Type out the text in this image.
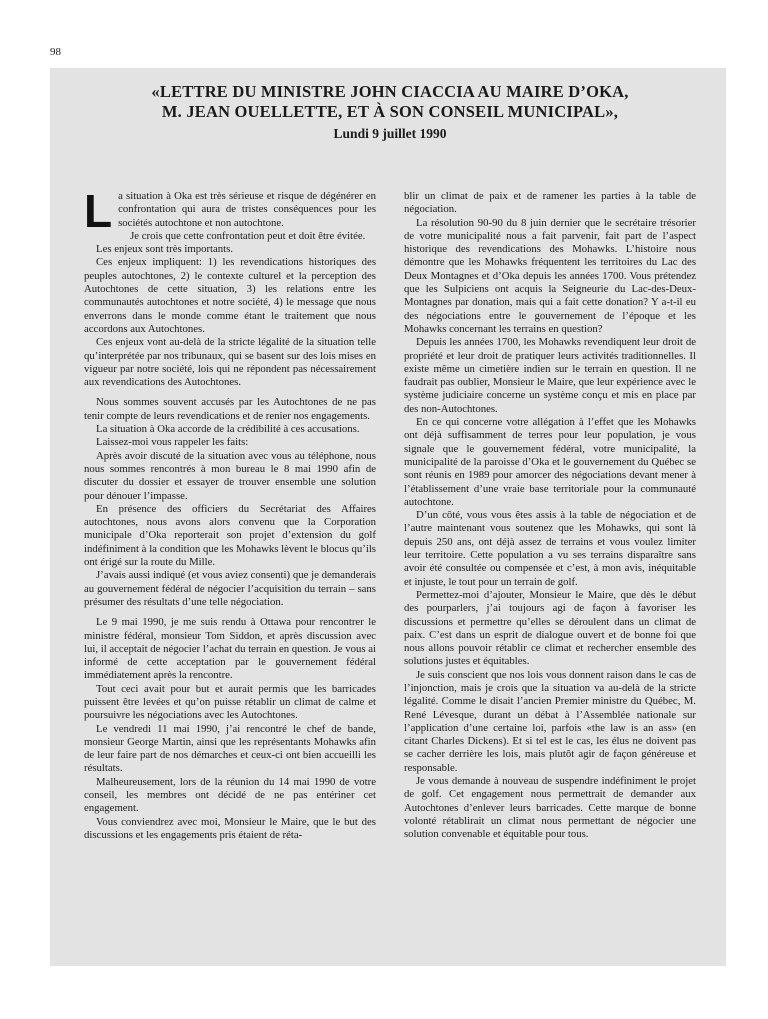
98

«LETTRE DU MINISTRE JOHN CIACCIA AU MAIRE D’OKA,

M. JEAN OUELLETTE, ET À SON CONSEIL MUNICIPAL»,

Lundi 9 juillet 1990

La situation à Oka est très sérieuse et risque de dégénérer en confrontation qui aura de tristes conséquences pour les sociétés autochtone et non autochtone.

Je crois que cette confrontation peut et doit être évitée.

Les enjeux sont très importants.

Ces enjeux impliquent: 1) les revendications historiques des peuples autochtones, 2) le contexte culturel et la perception des Autochtones de cette situation, 3) les relations entre les communautés autochtones et notre société, 4) le message que nous enverrons dans le monde comme étant le traitement que nous accordons aux Autochtones.

Ces enjeux vont au-delà de la stricte légalité de la situation telle qu’interprétée par nos tribunaux, qui se basent sur des lois mises en vigueur par notre société, lois qui ne répondent pas nécessairement aux revendications des Autochtones.

Nous sommes souvent accusés par les Autochtones de ne pas tenir compte de leurs revendications et de renier nos engagements.

La situation à Oka accorde de la crédibilité à ces accusations.

Laissez-moi vous rappeler les faits:

Après avoir discuté de la situation avec vous au téléphone, nous nous sommes rencontrés à mon bureau le 8 mai 1990 afin de discuter du dossier et essayer de trouver ensemble une solution pour dénouer l’impasse.

En présence des officiers du Secrétariat des Affaires autochtones, nous avons alors convenu que la Corporation municipale d’Oka reporterait son projet d’extension du golf indéfiniment à la condition que les Mohawks lèvent le blocus qu’ils ont érigé sur la route du Mille.

J’avais aussi indiqué (et vous aviez consenti) que je demanderais au gouvernement fédéral de négocier l’acquisition du terrain – sans présumer des résultats d’une telle négociation.

Le 9 mai 1990, je me suis rendu à Ottawa pour rencontrer le ministre fédéral, monsieur Tom Siddon, et après discussion avec lui, il acceptait de négocier l’achat du terrain en question. Je vous ai informé de cette acceptation par le gouvernement fédéral immédiatement après la rencontre.

Tout ceci avait pour but et aurait permis que les barricades puissent être levées et qu’on puisse rétablir un climat de calme et poursuivre les négociations avec les Autochtones.

Le vendredi 11 mai 1990, j’ai rencontré le chef de bande, monsieur George Martin, ainsi que les représentants Mohawks afin de leur faire part de nos démarches et ceux-ci ont bien accueilli les résultats.

Malheureusement, lors de la réunion du 14 mai 1990 de votre conseil, les membres ont décidé de ne pas entériner cet engagement.

Vous conviendrez avec moi, Monsieur le Maire, que le but des discussions et les engagements pris étaient de réta-

blir un climat de paix et de ramener les parties à la table de négociation.

La résolution 90-90 du 8 juin dernier que le secrétaire trésorier de votre municipalité nous a fait parvenir, fait part de l’aspect historique des revendications des Mohawks. L’histoire nous démontre que les Mohawks fréquentent les territoires du Lac des Deux Montagnes et d’Oka depuis les années 1700. Vous prétendez que les Sulpiciens ont acquis la Seigneurie du Lac-des-Deux-Montagnes par donation, mais qui a fait cette donation? Y a-t-il eu des négociations entre le gouvernement de l’époque et les Mohawks concernant les terrains en question?

Depuis les années 1700, les Mohawks revendiquent leur droit de propriété et leur droit de pratiquer leurs activités traditionnelles. Il existe même un cimetière indien sur le terrain en question. Il ne faudrait pas oublier, Monsieur le Maire, que leur expérience avec le système judiciaire concerne un système conçu et mis en place par des non-Autochtones.

En ce qui concerne votre allégation à l’effet que les Mohawks ont déjà suffisamment de terres pour leur population, je vous signale que le gouvernement fédéral, votre municipalité, la municipalité de la paroisse d’Oka et le gouvernement du Québec se sont réunis en 1989 pour amorcer des négociations devant mener à l’établissement d’une vraie base territoriale pour la communauté autochtone.

D’un côté, vous vous êtes assis à la table de négociation et de l’autre maintenant vous soutenez que les Mohawks, qui sont là depuis 250 ans, ont déjà assez de terrains et vous voulez limiter leur territoire. Cette population a vu ses terrains disparaître sans avoir été consultée ou compensée et c’est, à mon avis, inéquitable et injuste, le tout pour un terrain de golf.

Permettez-moi d’ajouter, Monsieur le Maire, que dès le début des pourparlers, j’ai toujours agi de façon à favoriser les discussions et permettre qu’elles se déroulent dans un climat de paix. C’est dans un esprit de dialogue ouvert et de bonne foi que nous allons pouvoir rétablir ce climat et rechercher ensemble des solutions justes et équitables.

Je suis conscient que nos lois vous donnent raison dans le cas de l’injonction, mais je crois que la situation va au-delà de la stricte légalité. Comme le disait l’ancien Premier ministre du Québec, M. René Lévesque, durant un débat à l’Assemblée nationale sur l’application d’une certaine loi, parfois «the law is an ass» (en citant Charles Dickens). Et si tel est le cas, les élus ne doivent pas se cacher derrière les lois, mais plutôt agir de façon généreuse et responsable.

Je vous demande à nouveau de suspendre indéfiniment le projet de golf. Cet engagement nous permettrait de demander aux Autochtones d’enlever leurs barricades. Cette marque de bonne volonté rétablirait un climat nous permettant de négocier une solution convenable et équitable pour tous.
